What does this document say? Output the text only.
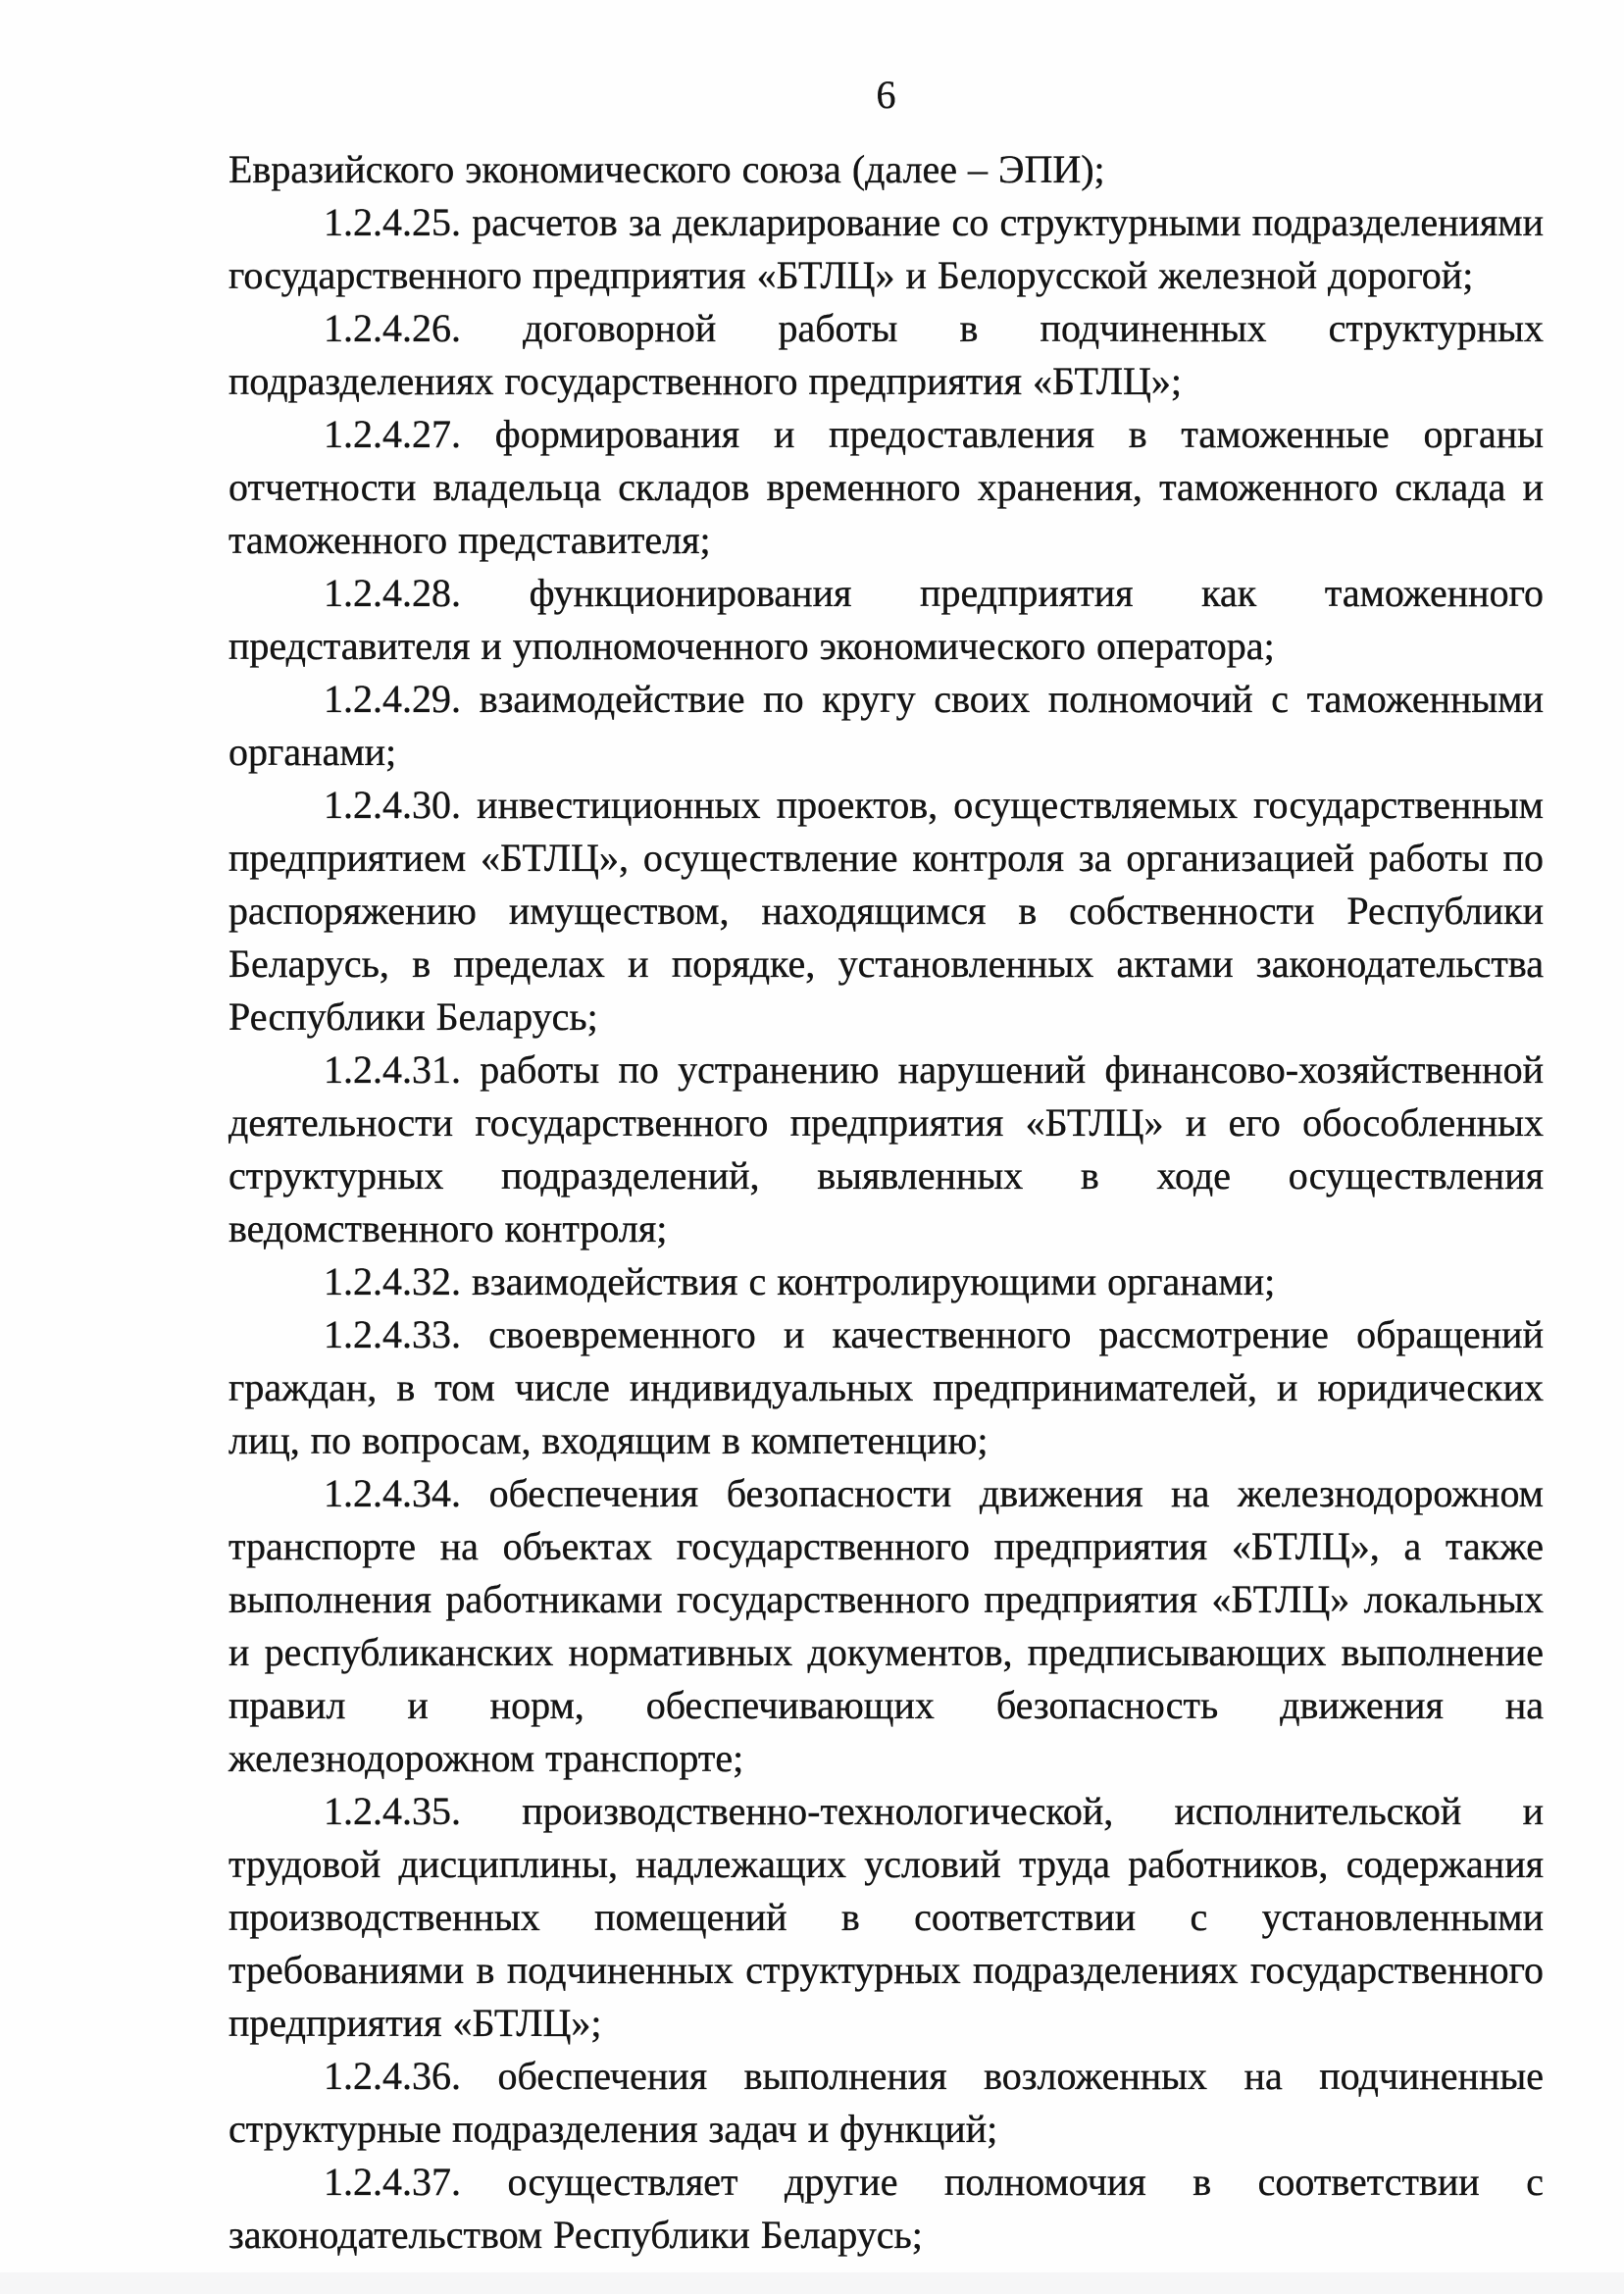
6

Евразийского экономического союза (далее – ЭПИ);

1.2.4.25. расчетов за декларирование со структурными подразделениями государственного предприятия «БТЛЦ» и Белорусской железной дорогой;

1.2.4.26. договорной работы в подчиненных структурных подразделениях государственного предприятия «БТЛЦ»;

1.2.4.27. формирования и предоставления в таможенные органы отчетности владельца складов временного хранения, таможенного склада и таможенного представителя;

1.2.4.28. функционирования предприятия как таможенного представителя и уполномоченного экономического оператора;

1.2.4.29. взаимодействие по кругу своих полномочий с таможенными органами;

1.2.4.30. инвестиционных проектов, осуществляемых государственным предприятием «БТЛЦ», осуществление контроля за организацией работы по распоряжению имуществом, находящимся в собственности Республики Беларусь, в пределах и порядке, установленных актами законодательства Республики Беларусь;

1.2.4.31. работы по устранению нарушений финансово-хозяйственной деятельности государственного предприятия «БТЛЦ» и его обособленных структурных подразделений, выявленных в ходе осуществления ведомственного контроля;

1.2.4.32. взаимодействия с контролирующими органами;

1.2.4.33. своевременного и качественного рассмотрение обращений граждан, в том числе индивидуальных предпринимателей, и юридических лиц, по вопросам, входящим в компетенцию;

1.2.4.34. обеспечения безопасности движения на железнодорожном транспорте на объектах государственного предприятия «БТЛЦ», а также выполнения работниками государственного предприятия «БТЛЦ» локальных и республиканских нормативных документов, предписывающих выполнение правил и норм, обеспечивающих безопасность движения на железнодорожном транспорте;

1.2.4.35. производственно-технологической, исполнительской и трудовой дисциплины, надлежащих условий труда работников, содержания производственных помещений в соответствии с установленными требованиями в подчиненных структурных подразделениях государственного предприятия «БТЛЦ»;

1.2.4.36. обеспечения выполнения возложенных на подчиненные структурные подразделения задач и функций;

1.2.4.37. осуществляет другие полномочия в соответствии с законодательством Республики Беларусь;
